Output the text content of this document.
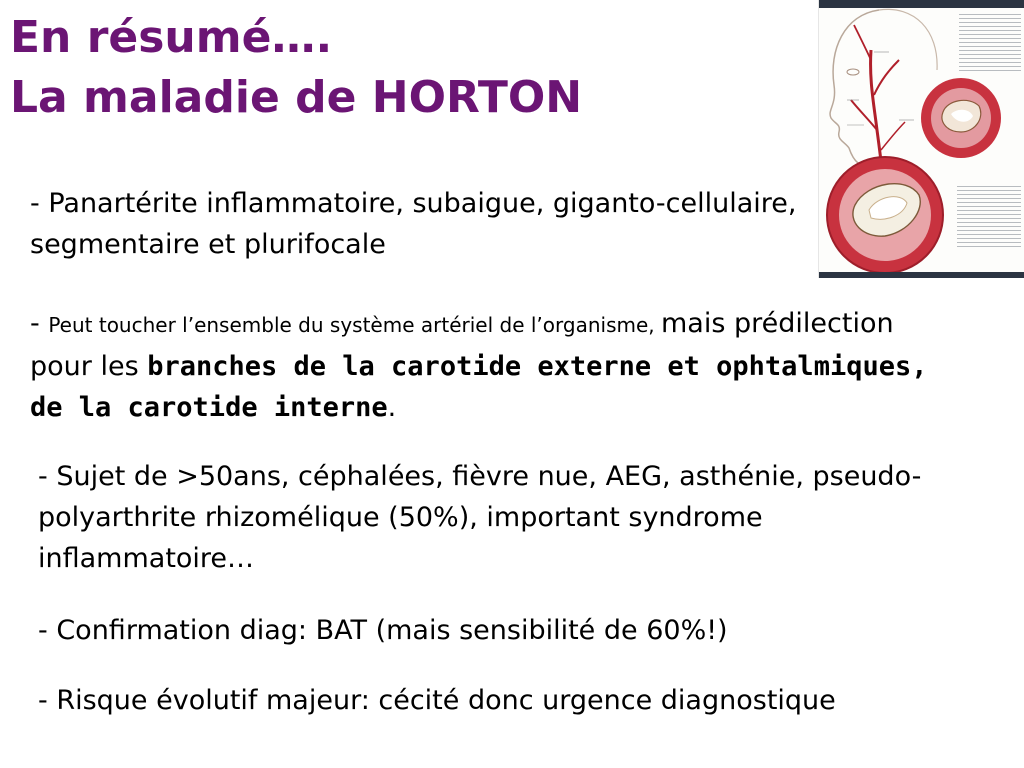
En résumé….
La maladie de HORTON

- Panartérite inflammatoire, subaigue, giganto-cellulaire, segmentaire et plurifocale

- Peut toucher l’ensemble du système artériel de l’organisme, mais prédilection pour les branches de la carotide externe et ophtalmiques, de la carotide interne.

- Sujet de >50ans, céphalées, fièvre nue, AEG, asthénie, pseudo-polyarthrite rhizomélique (50%), important syndrome inflammatoire…

- Confirmation diag: BAT (mais sensibilité de 60%!)

- Risque évolutif majeur: cécité donc urgence diagnostique
